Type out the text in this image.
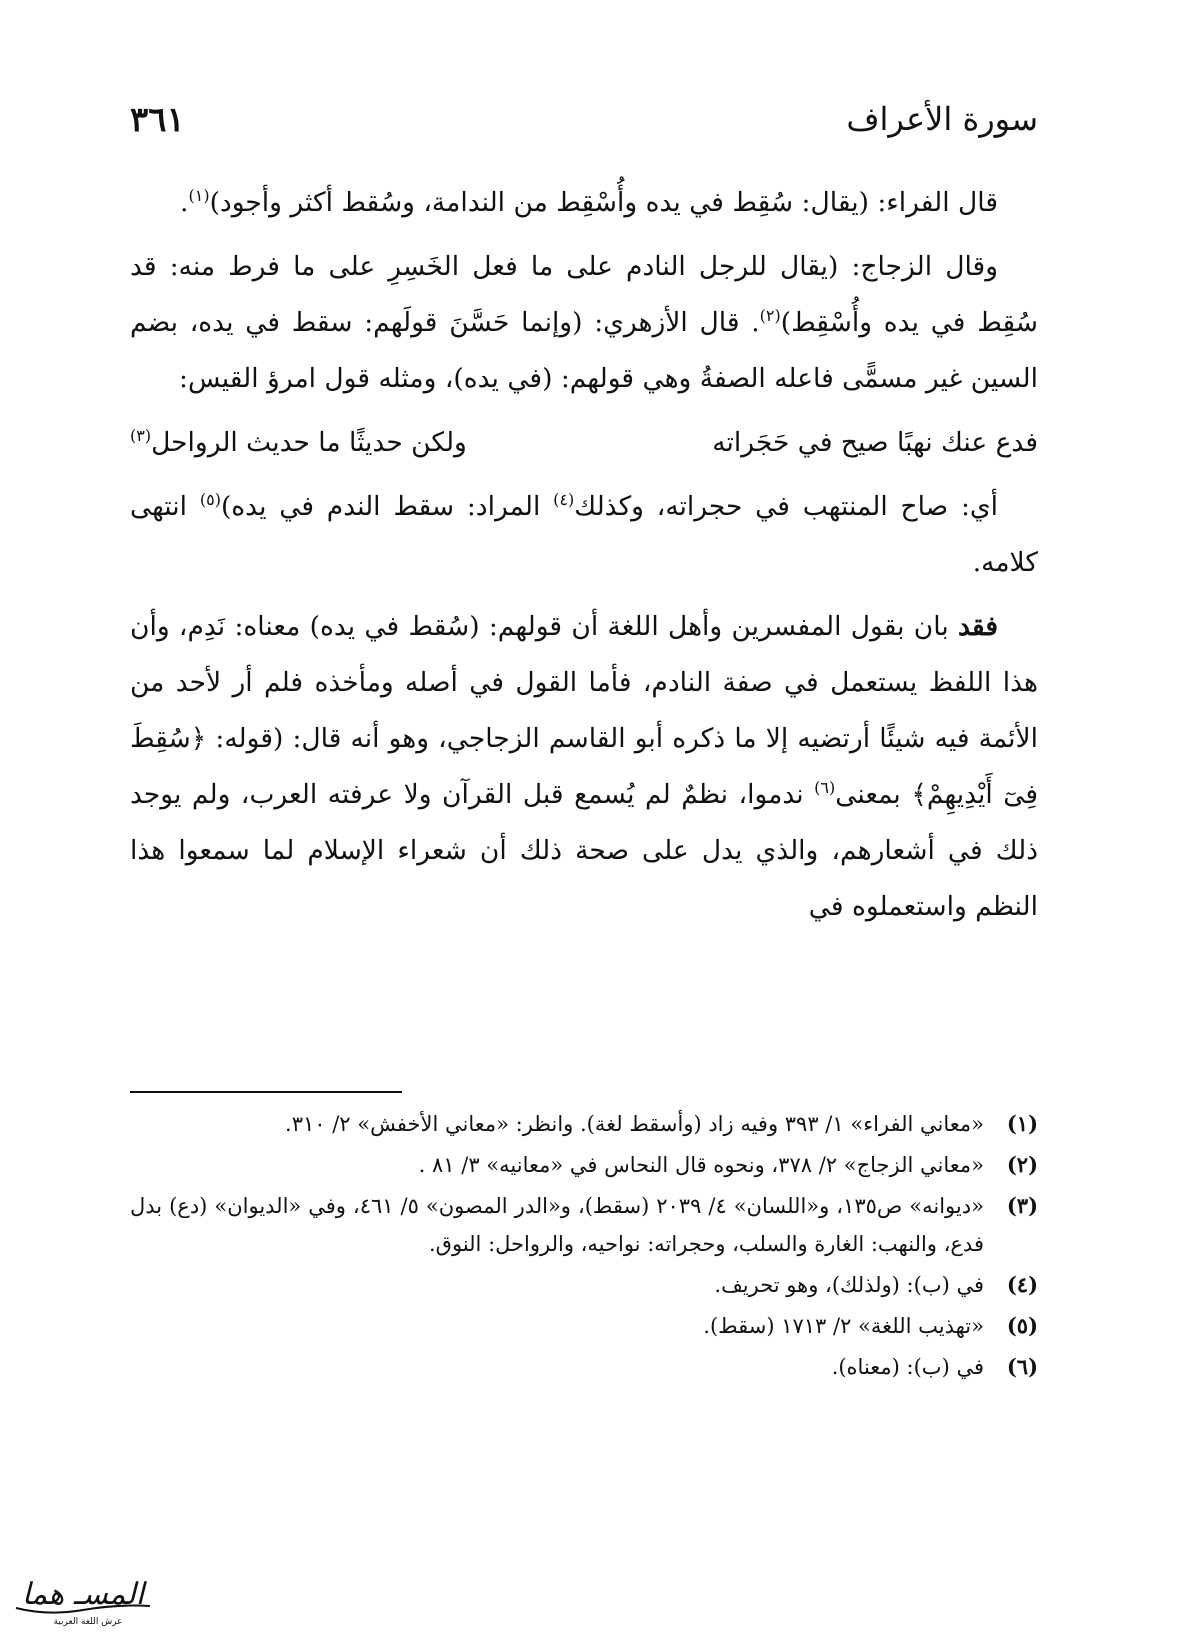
سورة الأعراف
٣٦١

قال الفراء: (يقال: سُقِط في يده وأُسْقِط من الندامة، وسُقط أكثر وأجود)$^{(١)}$.

وقال الزجاج: (يقال للرجل النادم على ما فعل الخَسِرِ على ما فرط منه: قد سُقِط في يده وأُسْقِط)$^{(٢)}$. قال الأزهري: (وإنما حَسَّنَ قولَهم: سقط في يده، بضم السين غير مسمًّى فاعله الصفةُ وهي قولهم: (في يده)، ومثله قول امرؤ القيس:

فدع عنك نهبًا صيح في حَجَراته
ولكن حديثًا ما حديث الرواحل$^{(٣)}$

أي: صاح المنتهب في حجراته، وكذلك$^{(٤)}$ المراد: سقط الندم في يده)$^{(٥)}$ انتهى كلامه.

فقد بان بقول المفسرين وأهل اللغة أن قولهم: (سُقط في يده) معناه: نَدِم، وأن هذا اللفظ يستعمل في صفة النادم، فأما القول في أصله ومأخذه فلم أر لأحد من الأئمة فيه شيئًا أرتضيه إلا ما ذكره أبو القاسم الزجاجي، وهو أنه قال: (قوله: ﴿سُقِطَ فِىٓ أَيْدِيهِمْ﴾ بمعنى$^{(٦)}$ ندموا، نظمٌ لم يُسمع قبل القرآن ولا عرفته العرب، ولم يوجد ذلك في أشعارهم، والذي يدل على صحة ذلك أن شعراء الإسلام لما سمعوا هذا النظم واستعملوه في

(١)
«معاني الفراء» ١/ ٣٩٣ وفيه زاد (وأسقط لغة). وانظر: «معاني الأخفش» ٢/ ٣١٠.
(٢)
«معاني الزجاج» ٢/ ٣٧٨، ونحوه قال النحاس في «معانيه» ٣/ ٨١ .
(٣)
«ديوانه» ص١٣٥، و«اللسان» ٤/ ٢٠٣٩ (سقط)، و«الدر المصون» ٥/ ٤٦١، وفي «الديوان» (دع) بدل فدع، والنهب: الغارة والسلب، وحجراته: نواحيه، والرواحل: النوق.
(٤)
في (ب): (ولذلك)، وهو تحريف.
(٥)
«تهذيب اللغة» ٢/ ١٧١٣ (سقط).
(٦)
في (ب): (معناه).
المسـ هما
عرش اللغة العربية
